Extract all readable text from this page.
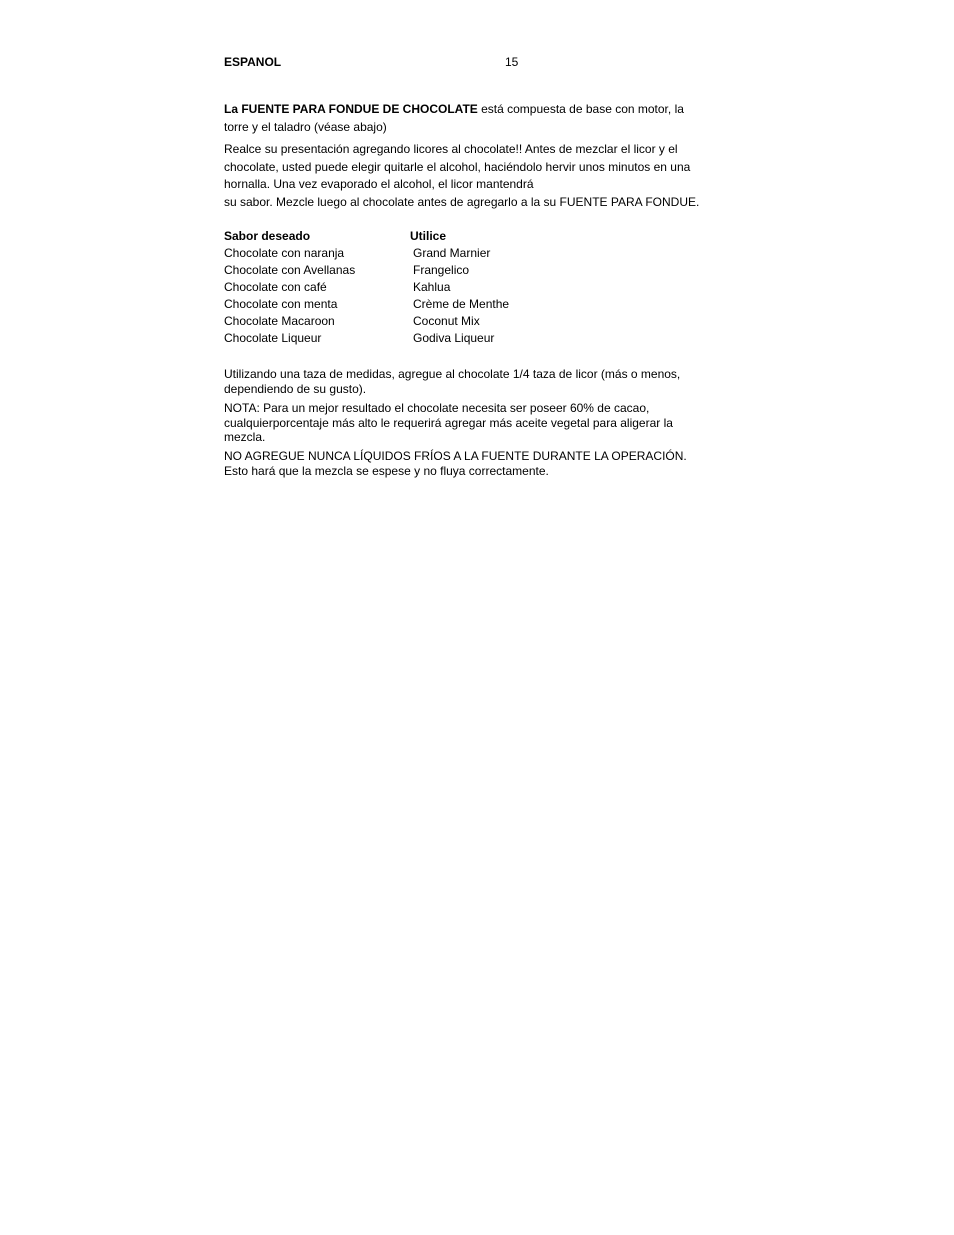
ESPANOL	15

La FUENTE PARA FONDUE DE CHOCOLATE está compuesta de base con motor, la

torre y el taladro (véase abajo)

Realce su presentación agregando licores al chocolate!! Antes de mezclar el licor y el

chocolate, usted puede elegir quitarle el alcohol, haciéndolo hervir unos minutos en una

hornalla. Una vez evaporado el alcohol, el licor mantendrá

su sabor. Mezcle luego al chocolate antes de agregarlo a la su FUENTE PARA FONDUE.

Sabor deseado	Utilice
Chocolate con naranja	Grand Marnier
Chocolate con Avellanas	Frangelico
Chocolate con café	Kahlua
Chocolate con menta	Crème de Menthe
Chocolate Macaroon	Coconut Mix
Chocolate Liqueur	Godiva Liqueur

Utilizando una taza de medidas, agregue al chocolate 1/4 taza de licor (más o menos,

dependiendo de su gusto).

NOTA: Para un mejor resultado el chocolate necesita ser poseer 60% de cacao,

cualquierporcentaje más alto le requerirá agregar más aceite vegetal para aligerar la

mezcla.

NO AGREGUE NUNCA LÍQUIDOS FRÍOS A LA FUENTE DURANTE LA OPERACIÓN.

Esto hará que la mezcla se espese y no fluya correctamente.
